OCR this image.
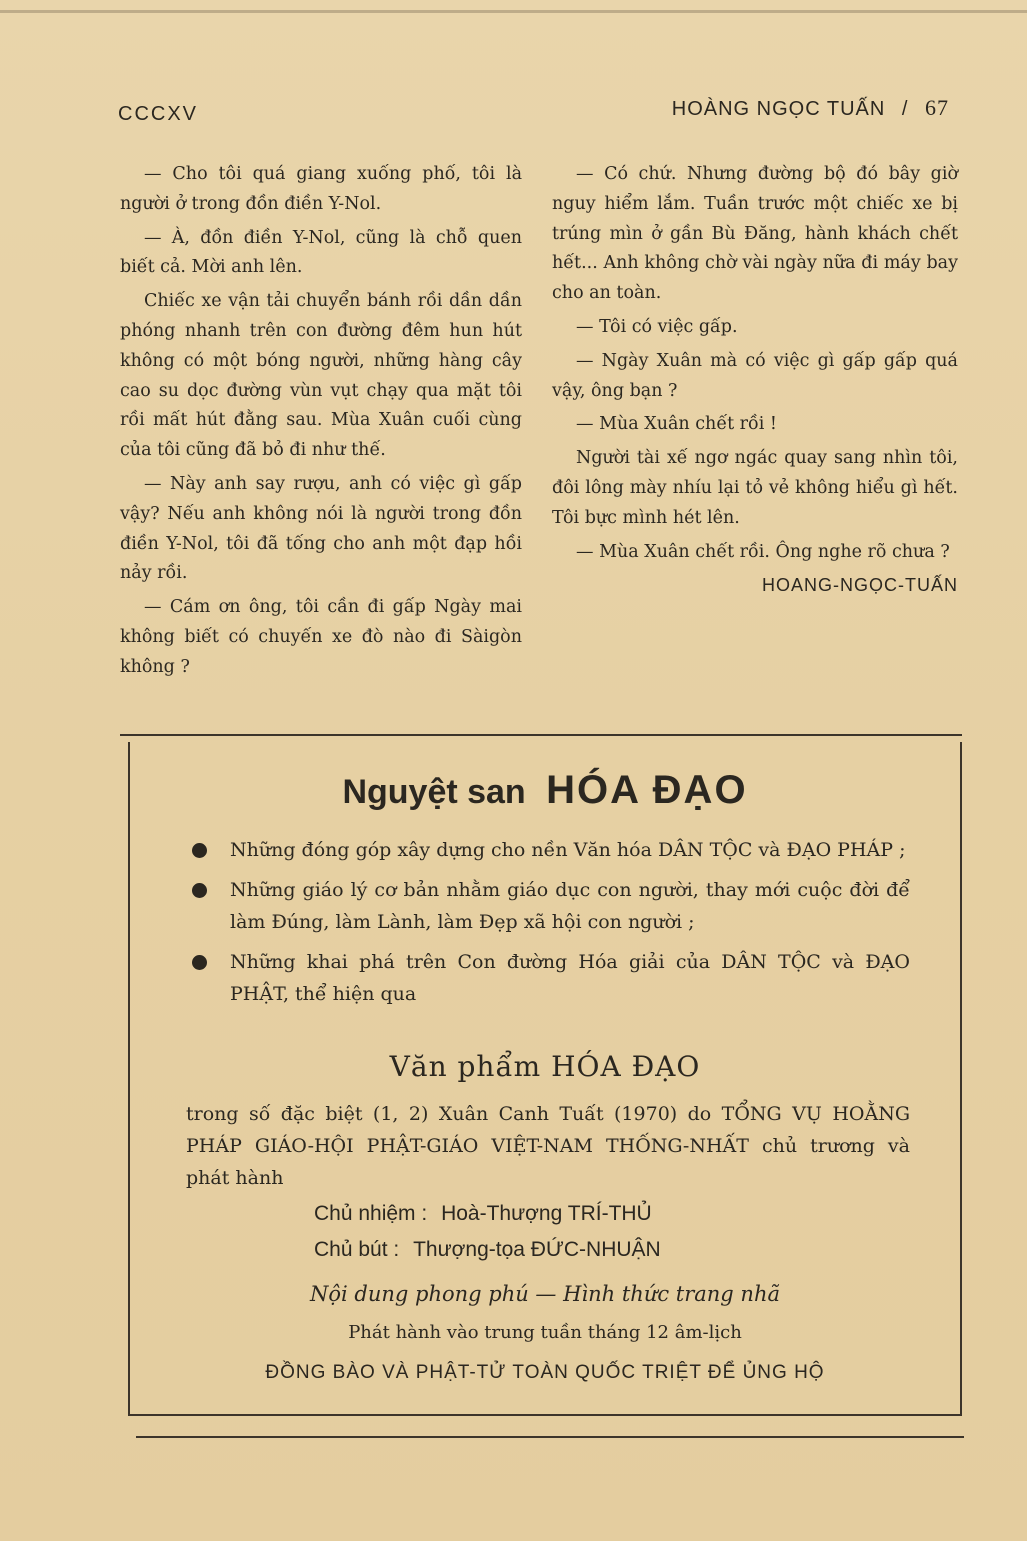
CCCXV	HOÀNG NGỌC TUẤN / 67

— Cho tôi quá giang xuống phố, tôi là người ở trong đồn điền Y-Nol.

— À, đồn điền Y-Nol, cũng là chỗ quen biết cả. Mời anh lên.

Chiếc xe vận tải chuyển bánh rồi dần dần phóng nhanh trên con đường đêm hun hút không có một bóng người, những hàng cây cao su dọc đường vùn vụt chạy qua mặt tôi rồi mất hút đằng sau. Mùa Xuân cuối cùng của tôi cũng đã bỏ đi như thế.

— Này anh say rượu, anh có việc gì gấp vậy? Nếu anh không nói là người trong đồn điền Y-Nol, tôi đã tống cho anh một đạp hồi nảy rồi.

— Cám ơn ông, tôi cần đi gấp Ngày mai không biết có chuyến xe đò nào đi Sàigòn không ?

— Có chứ. Nhưng đường bộ đó bây giờ nguy hiểm lắm. Tuần trước một chiếc xe bị trúng mìn ở gần Bù Đăng, hành khách chết hết... Anh không chờ vài ngày nữa đi máy bay cho an toàn.

— Tôi có việc gấp.

— Ngày Xuân mà có việc gì gấp gấp quá vậy, ông bạn ?

— Mùa Xuân chết rồi !

Người tài xế ngơ ngác quay sang nhìn tôi, đôi lông mày nhíu lại tỏ vẻ không hiểu gì hết. Tôi bực mình hét lên.

— Mùa Xuân chết rồi. Ông nghe rõ chưa ?

HOANG-NGỌC-TUẤN

Nguyệt san HÓA ĐẠO
Những đóng góp xây dựng cho nền Văn hóa DÂN TỘC và ĐẠO PHÁP ;
Những giáo lý cơ bản nhằm giáo dục con người, thay mới cuộc đời để làm Đúng, làm Lành, làm Đẹp xã hội con người ;
Những khai phá trên Con đường Hóa giải của DÂN TỘC và ĐẠO PHẬT, thể hiện qua
Văn phẩm HÓA ĐẠO
trong số đặc biệt (1, 2) Xuân Canh Tuất (1970) do TỔNG VỤ HOẰNG PHÁP GIÁO-HỘI PHẬT-GIÁO VIỆT-NAM THỐNG-NHẤT chủ trương và phát hành
Chủ nhiệm : Hoà-Thượng TRÍ-THỦ
Chủ bút : Thượng-tọa ĐỨC-NHUẬN
Nội dung phong phú — Hình thức trang nhã
Phát hành vào trung tuần tháng 12 âm-lịch
ĐỒNG BÀO VÀ PHẬT-TỬ TOÀN QUỐC TRIỆT ĐỂ ỦNG HỘ
